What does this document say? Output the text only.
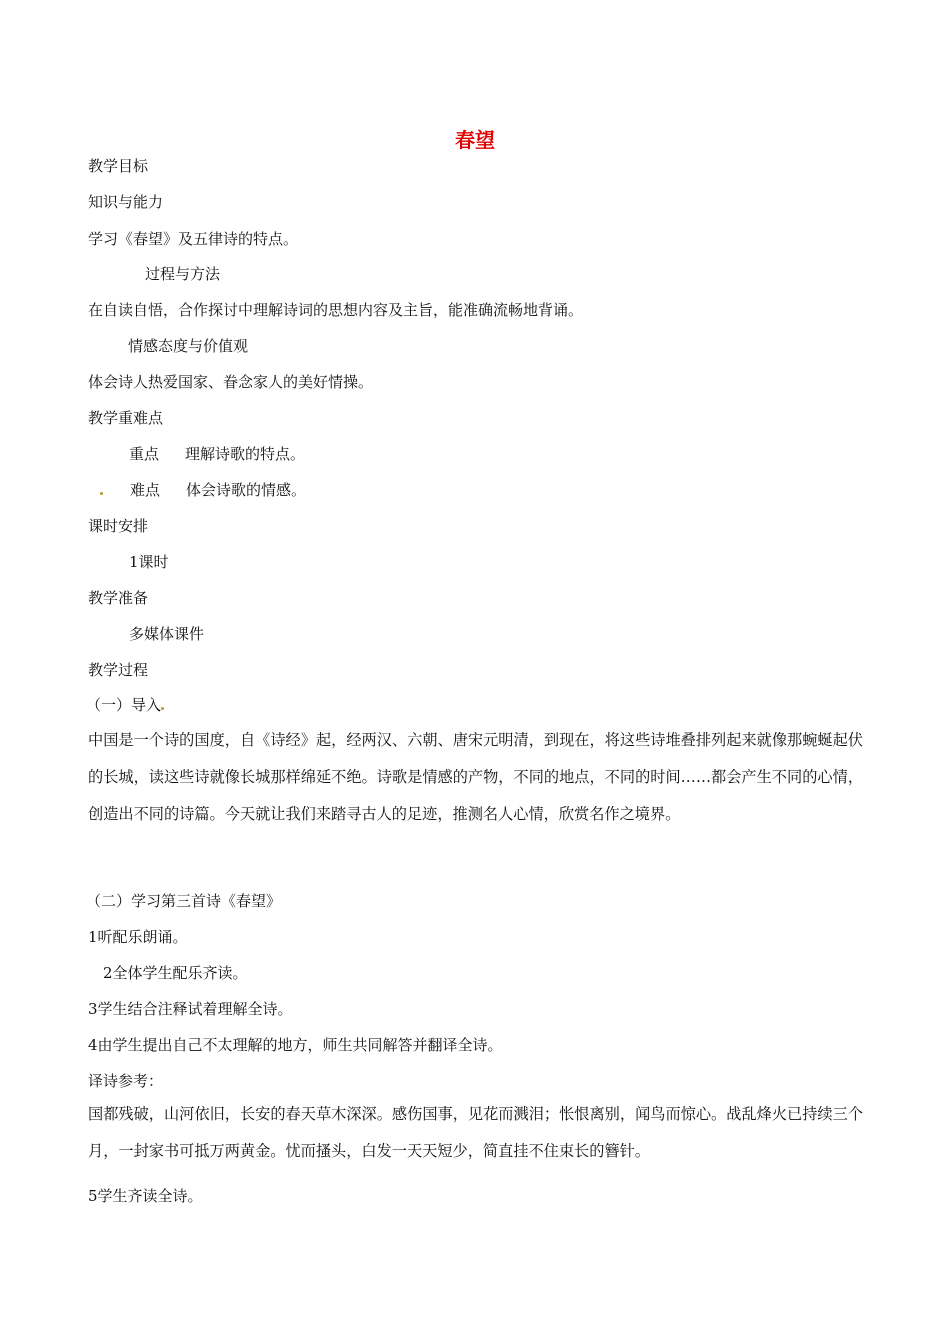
春望
教学目标
知识与能力
学习《春望》及五律诗的特点。
过程与方法
在自读自悟，合作探讨中理解诗词的思想内容及主旨，能准确流畅地背诵。
情感态度与价值观
体会诗人热爱国家、眷念家人的美好情操。
教学重难点
重点 理解诗歌的特点。
难点 体会诗歌的情感。
课时安排
1课时
教学准备
多媒体课件
教学过程
（一）导入
中国是一个诗的国度，自《诗经》起，经两汉、六朝、唐宋元明清，到现在，将这些诗堆叠排列起来就像那蜿蜒起伏的长城，读这些诗就像长城那样绵延不绝。诗歌是情感的产物，不同的地点，不同的时间……都会产生不同的心情，创造出不同的诗篇。今天就让我们来踏寻古人的足迹，推测名人心情，欣赏名作之境界。
（二）学习第三首诗《春望》
1听配乐朗诵。
2全体学生配乐齐读。
3学生结合注释试着理解全诗。
4由学生提出自己不太理解的地方，师生共同解答并翻译全诗。
译诗参考：
国都残破，山河依旧，长安的春天草木深深。感伤国事，见花而溅泪；怅恨离别，闻鸟而惊心。战乱烽火已持续三个月，一封家书可抵万两黄金。忧而搔头，白发一天天短少，简直挂不住束长的簪针。
5学生齐读全诗。
